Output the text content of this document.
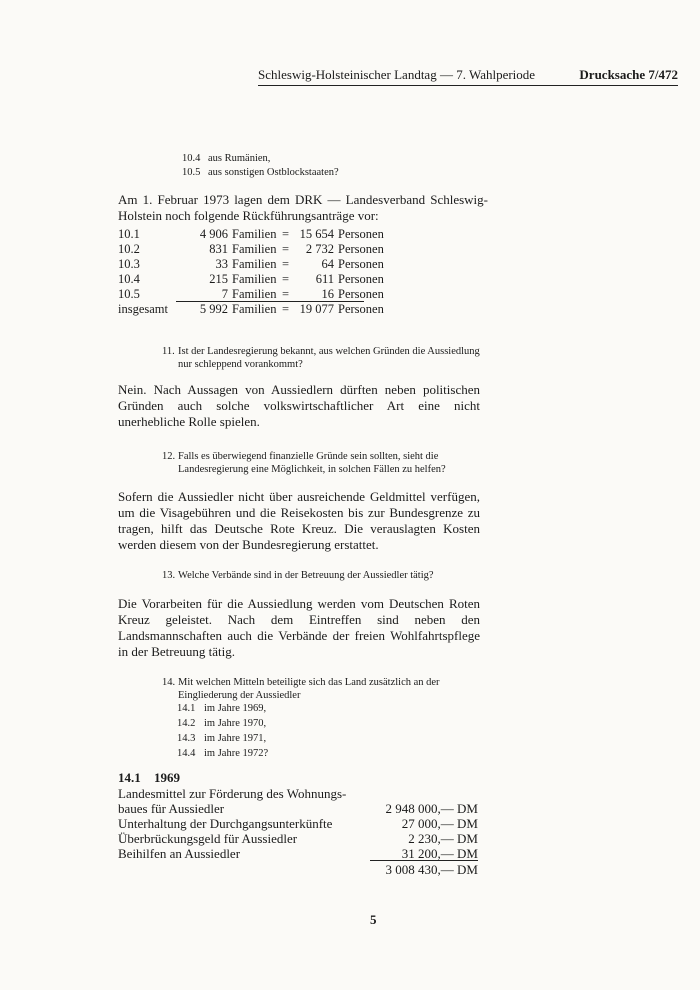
Schleswig-Holsteinischer Landtag — 7. Wahlperiode	Drucksache 7/472
10.4 aus Rumänien,
10.5 aus sonstigen Ostblockstaaten?
Am 1. Februar 1973 lagen dem DRK — Landesverband Schleswig-Holstein noch folgende Rückführungsanträge vor:
10.1	4 906 Familien = 15 654 Personen
10.2	831 Familien =	2 732 Personen
10.3	33 Familien =	64 Personen
10.4	215 Familien =	611 Personen
10.5	7 Familien =	16 Personen
insgesamt	5 992 Familien = 19 077 Personen
11. Ist der Landesregierung bekannt, aus welchen Gründen die Aussiedlung nur schleppend vorankommt?
Nein. Nach Aussagen von Aussiedlern dürften neben politischen Gründen auch solche volkswirtschaftlicher Art eine nicht unerhebliche Rolle spielen.
12. Falls es überwiegend finanzielle Gründe sein sollten, sieht die Landesregierung eine Möglichkeit, in solchen Fällen zu helfen?
Sofern die Aussiedler nicht über ausreichende Geldmittel verfügen, um die Visagebühren und die Reisekosten bis zur Bundesgrenze zu tragen, hilft das Deutsche Rote Kreuz. Die verauslagten Kosten werden diesem von der Bundesregierung erstattet.
13. Welche Verbände sind in der Betreuung der Aussiedler tätig?
Die Vorarbeiten für die Aussiedlung werden vom Deutschen Roten Kreuz geleistet. Nach dem Eintreffen sind neben den Landsmannschaften auch die Verbände der freien Wohlfahrtspflege in der Betreuung tätig.
14. Mit welchen Mitteln beteiligte sich das Land zusätzlich an der Eingliederung der Aussiedler
14.1 im Jahre 1969,
14.2 im Jahre 1970,
14.3 im Jahre 1971,
14.4 im Jahre 1972?
14.1 1969
Landesmittel zur Förderung des Wohnungs-
baues für Aussiedler	2 948 000,— DM
Unterhaltung der Durchgangsunterkünfte	27 000,— DM
Überbrückungsgeld für Aussiedler	2 230,— DM
Beihilfen an Aussiedler	31 200,— DM
3 008 430,— DM
5
